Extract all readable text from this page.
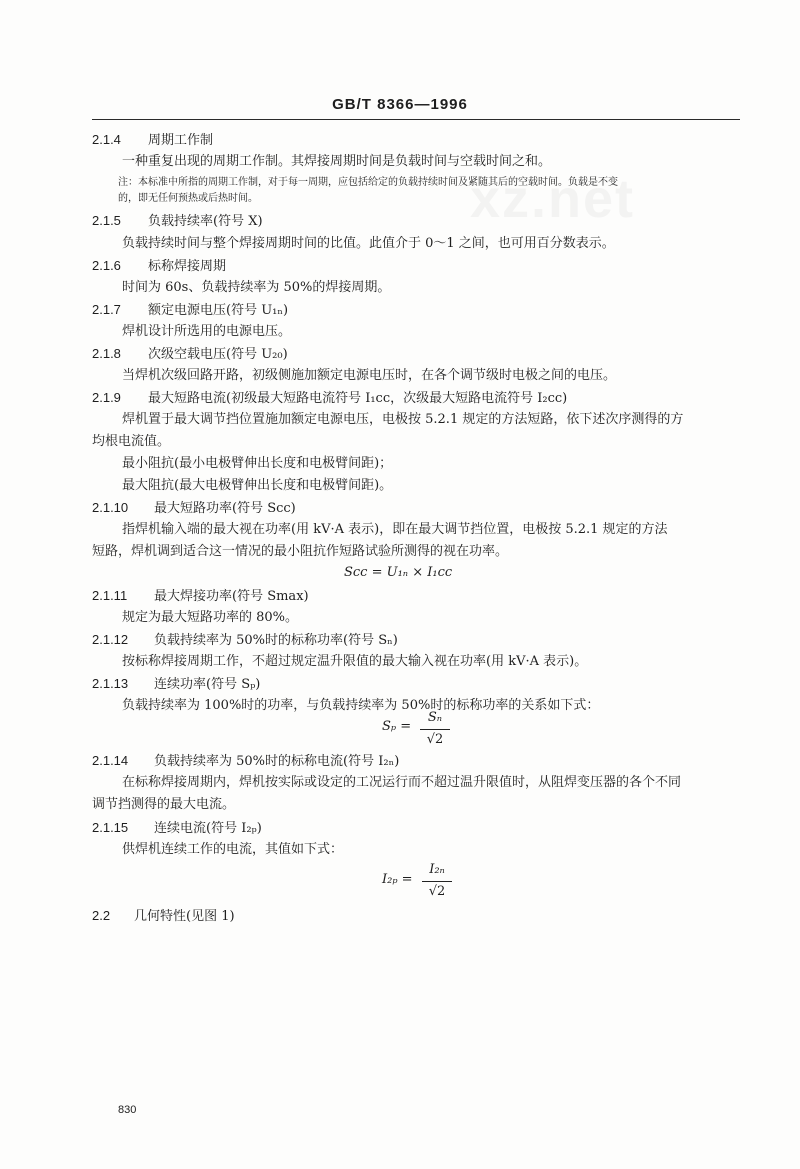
xz.net
GB/T 8366—1996
2.1.4 周期工作制
一种重复出现的周期工作制。其焊接周期时间是负载时间与空载时间之和。
注：本标准中所指的周期工作制，对于每一周期，应包括给定的负载持续时间及紧随其后的空载时间。负载是不变
的，即无任何预热或后热时间。
2.1.5 负载持续率(符号 X)
负载持续时间与整个焊接周期时间的比值。此值介于 0～1 之间，也可用百分数表示。
2.1.6 标称焊接周期
时间为 60s、负载持续率为 50%的焊接周期。
2.1.7 额定电源电压(符号 U₁ₙ)
焊机设计所选用的电源电压。
2.1.8 次级空载电压(符号 U₂₀)
当焊机次级回路开路，初级侧施加额定电源电压时，在各个调节级时电极之间的电压。
2.1.9 最大短路电流(初级最大短路电流符号 I₁cc，次级最大短路电流符号 I₂cc)
焊机置于最大调节挡位置施加额定电源电压，电极按 5.2.1 规定的方法短路，依下述次序测得的方
均根电流值。
最小阻抗(最小电极臂伸出长度和电极臂间距)；
最大阻抗(最大电极臂伸出长度和电极臂间距)。
2.1.10 最大短路功率(符号 Scc)
指焊机输入端的最大视在功率(用 kV·A 表示)，即在最大调节挡位置，电极按 5.2.1 规定的方法
短路，焊机调到适合这一情况的最小阻抗作短路试验所测得的视在功率。
Scc = U₁ₙ × I₁cc
2.1.11 最大焊接功率(符号 Smax)
规定为最大短路功率的 80%。
2.1.12 负载持续率为 50%时的标称功率(符号 Sₙ)
按标称焊接周期工作，不超过规定温升限值的最大输入视在功率(用 kV·A 表示)。
2.1.13 连续功率(符号 Sₚ)
负载持续率为 100%时的功率，与负载持续率为 50%时的标称功率的关系如下式：
Sₚ =
Sₙ
√2
2.1.14 负载持续率为 50%时的标称电流(符号 I₂ₙ)
在标称焊接周期内，焊机按实际或设定的工况运行而不超过温升限值时，从阻焊变压器的各个不同
调节挡测得的最大电流。
2.1.15 连续电流(符号 I₂ₚ)
供焊机连续工作的电流，其值如下式：
I₂ₚ =
I₂ₙ
√2
2.2 几何特性(见图 1)
830
